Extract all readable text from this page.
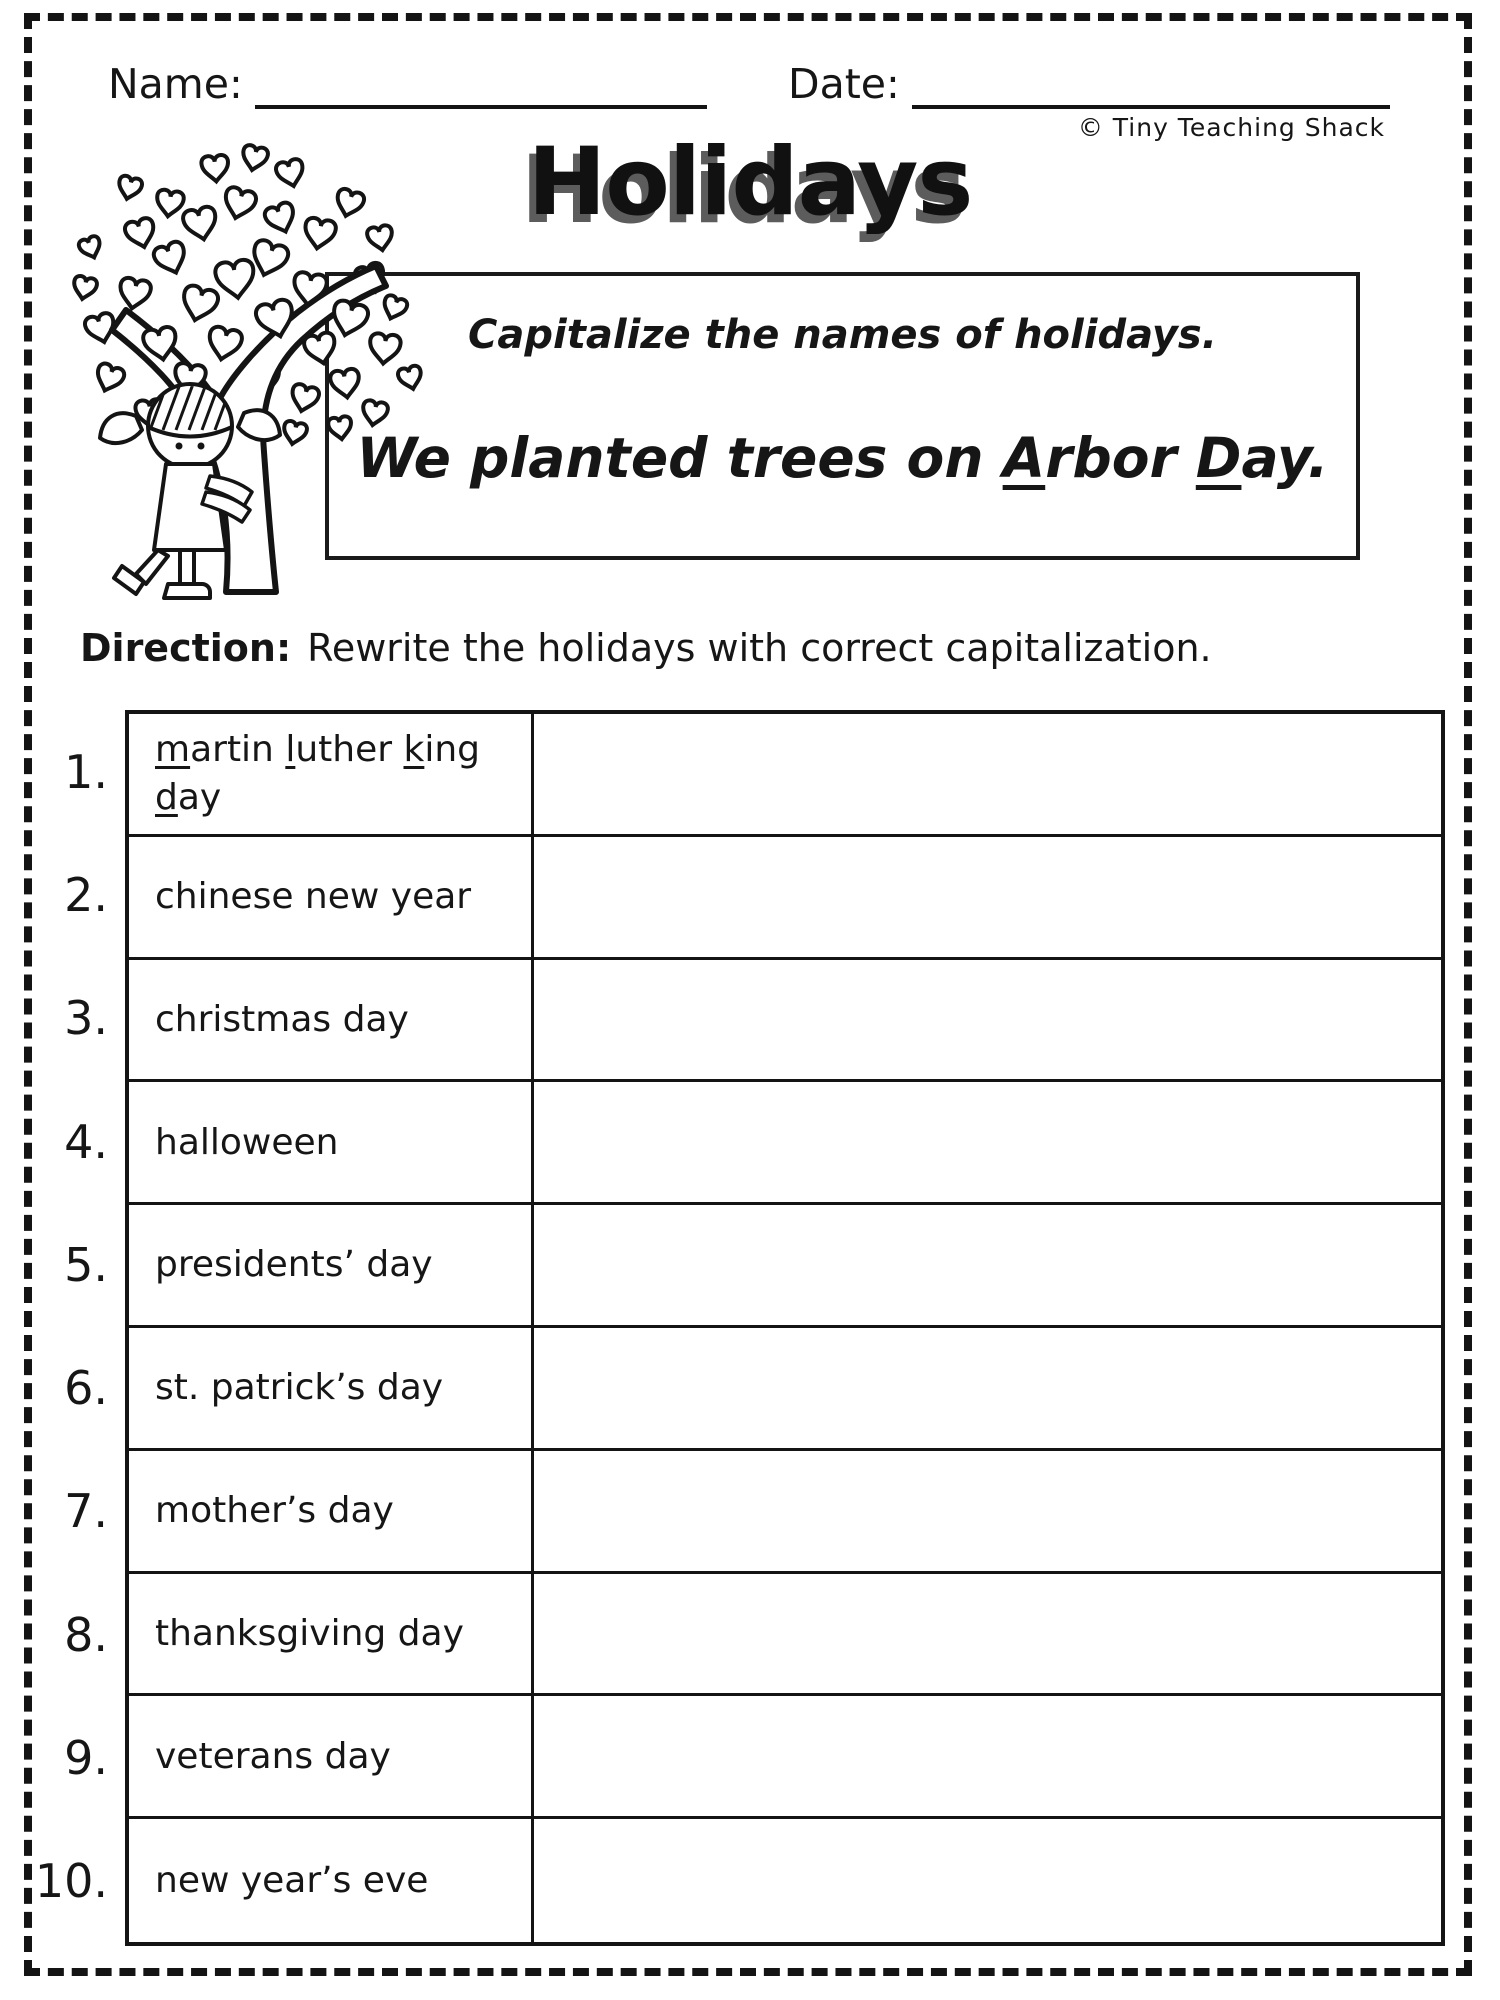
Name:	Date:
© Tiny Teaching Shack
Holidays
Capitalize the names of holidays.
We planted trees on Arbor Day.
Direction: Rewrite the holidays with correct capitalization.
1.
2.
3.
4.
5.
6.
7.
8.
9.
10.
martin luther king
day
chinese new year
christmas day
halloween
presidents’ day
st. patrick’s day
mother’s day
thanksgiving day
veterans day
new year’s eve
